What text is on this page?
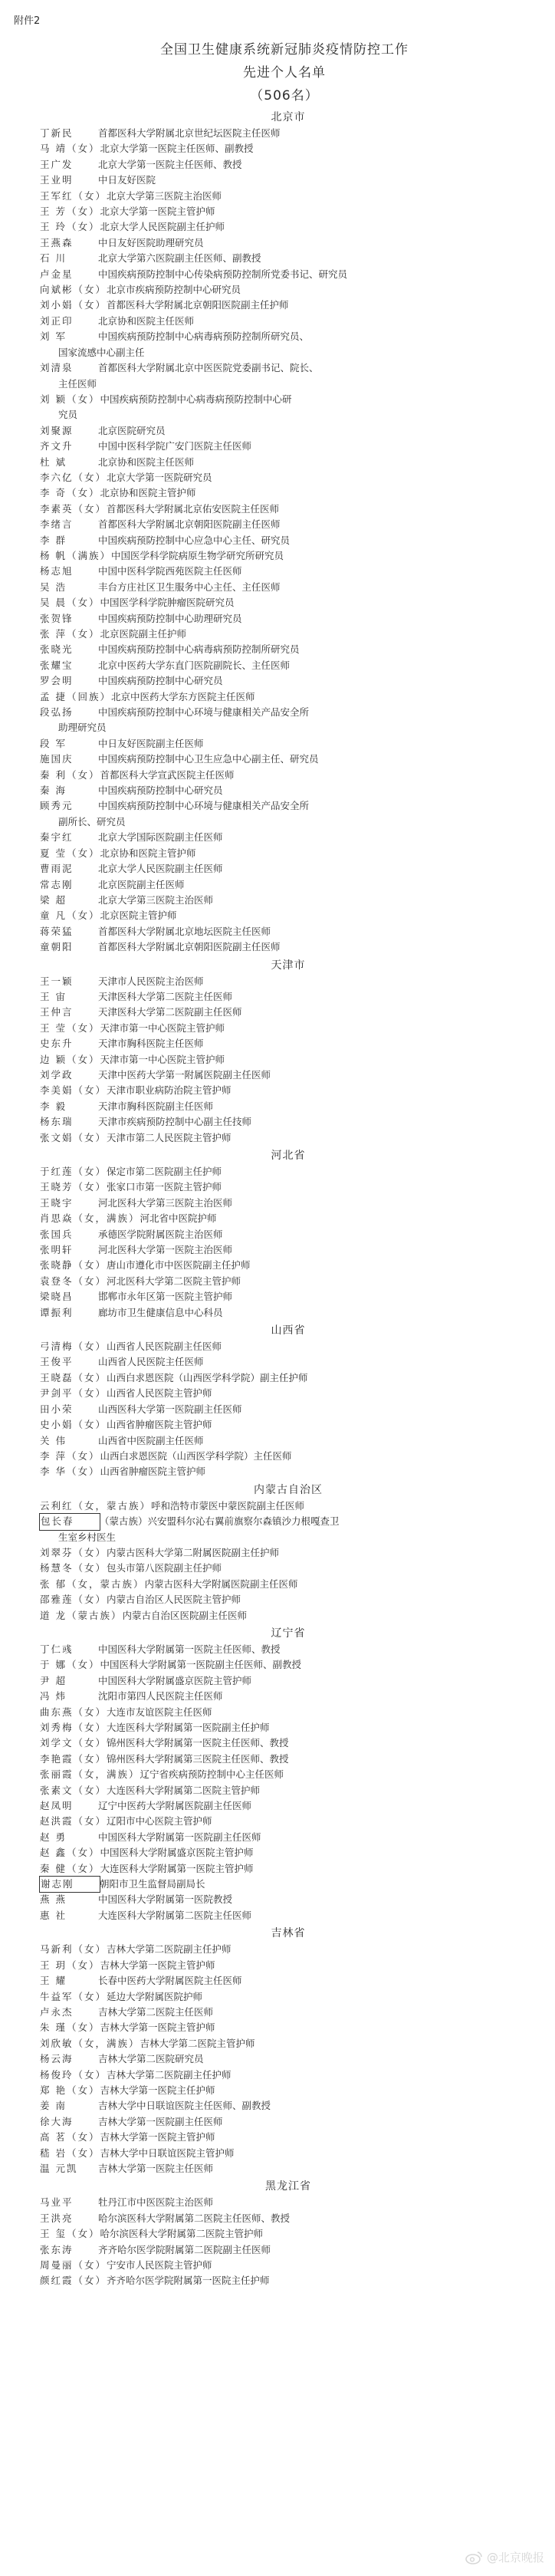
附件2
全国卫生健康系统新冠肺炎疫情防控工作
先进个人名单
（506名）
北京市
丁新民	首都医科大学附属北京世纪坛医院主任医师
马 靖（女） 北京大学第一医院主任医师、副教授
王广发	北京大学第一医院主任医师、教授
王业明	中日友好医院
王军红（女） 北京大学第三医院主治医师
王 芳（女） 北京大学第一医院主管护师
王 玲（女） 北京大学人民医院副主任护师
王燕森	中日友好医院助理研究员
石 川	北京大学第六医院副主任医师、副教授
卢金星	中国疾病预防控制中心传染病预防控制所党委书记、研究员
向斌彬（女） 北京市疾病预防控制中心研究员
刘小娟（女） 首都医科大学附属北京朝阳医院副主任护师
刘正印	北京协和医院主任医师
刘 军	中国疾病预防控制中心病毒病预防控制所研究员、
国家流感中心副主任
刘清泉	首都医科大学附属北京中医医院党委副书记、院长、
主任医师
刘 颖（女） 中国疾病预防控制中心病毒病预防控制中心研
究员
刘聚源	北京医院研究员
齐文升	中国中医科学院广安门医院主任医师
杜 斌	北京协和医院主任医师
李六亿（女） 北京大学第一医院研究员
李 奇（女） 北京协和医院主管护师
李素英（女） 首都医科大学附属北京佑安医院主任医师
李绪言	首都医科大学附属北京朝阳医院副主任医师
李 群	中国疾病预防控制中心应急中心主任、研究员
杨 帆（满族） 中国医学科学院病原生物学研究所研究员
杨志旭	中国中医科学院西苑医院主任医师
吴 浩	丰台方庄社区卫生服务中心主任、主任医师
吴 晨（女） 中国医学科学院肿瘤医院研究员
张贺锋	中国疾病预防控制中心助理研究员
张 萍（女） 北京医院副主任护师
张晓光	中国疾病预防控制中心病毒病预防控制所研究员
张耀宝	北京中医药大学东直门医院副院长、主任医师
罗会明	中国疾病预防控制中心研究员
孟 捷（回族） 北京中医药大学东方医院主任医师
段弘扬	中国疾病预防控制中心环境与健康相关产品安全所
助理研究员
段 军	中日友好医院副主任医师
施国庆	中国疾病预防控制中心卫生应急中心副主任、研究员
秦 利（女） 首都医科大学宣武医院主任医师
秦 海	中国疾病预防控制中心研究员
顾秀元	中国疾病预防控制中心环境与健康相关产品安全所
副所长、研究员
秦宇红	北京大学国际医院副主任医师
夏 莹（女） 北京协和医院主管护师
曹雨泥	北京大学人民医院副主任医师
常志刚	北京医院副主任医师
梁 超	北京大学第三医院主治医师
童 凡（女） 北京医院主管护师
蒋荣猛	首都医科大学附属北京地坛医院主任医师
童朝阳	首都医科大学附属北京朝阳医院副主任医师
天津市
王一颖	天津市人民医院主治医师
王 宙	天津医科大学第二医院主任医师
王仲言	天津医科大学第二医院副主任医师
王 莹（女） 天津市第一中心医院主管护师
史东升	天津市胸科医院主任医师
边 颖（女） 天津市第一中心医院主管护师
刘学政	天津中医药大学第一附属医院副主任医师
李美娟（女） 天津市职业病防治院主管护师
李 毅	天津市胸科医院副主任医师
杨东瑞	天津市疾病预防控制中心副主任技师
张文娟（女） 天津市第二人民医院主管护师
河北省
于红莲（女） 保定市第二医院副主任护师
王晓芳（女） 张家口市第一医院主管护师
王晓宇	河北医科大学第三医院主治医师
肖思焱（女，满族） 河北省中医院护师
张国兵	承德医学院附属医院主治医师
张明轩	河北医科大学第一医院主治医师
张晓静（女） 唐山市遵化市中医医院副主任护师
袁登冬（女） 河北医科大学第二医院主管护师
梁晓昌	邯郸市永年区第一医院主管护师
谭振利	廊坊市卫生健康信息中心科员
山西省
弓清梅（女） 山西省人民医院副主任医师
王俊平	山西省人民医院主任医师
王晓磊（女） 山西白求恩医院（山西医学科学院）副主任护师
尹剑平（女） 山西省人民医院主管护师
田小荣	山西医科大学第一医院副主任医师
史小娟（女） 山西省肿瘤医院主管护师
关 伟	山西省中医院副主任医师
李 萍（女） 山西白求恩医院（山西医学科学院）主任医师
李 华（女） 山西省肿瘤医院主管护师
内蒙古自治区
云利红（女，蒙古族） 呼和浩特市蒙医中蒙医院副主任医师
包长春	（蒙古族）兴安盟科尔沁右翼前旗察尔森镇沙力根嘎查卫
生室乡村医生
刘翠芬（女） 内蒙古医科大学第二附属医院副主任护师
杨慧冬（女） 包头市第八医院副主任护师
张 郁（女，蒙古族） 内蒙古医科大学附属医院副主任医师
邵雅莲（女） 内蒙古自治区人民医院主管护师
道 龙（蒙古族） 内蒙古自治区医院副主任医师
辽宁省
丁仁彧	中国医科大学附属第一医院主任医师、教授
于 娜（女） 中国医科大学附属第一医院副主任医师、副教授
尹 超	中国医科大学附属盛京医院主管护师
冯 炜	沈阳市第四人民医院主任医师
曲东燕（女） 大连市友谊医院主任医师
刘秀梅（女） 大连医科大学附属第一医院副主任护师
刘学文（女） 锦州医科大学附属第一医院主任医师、教授
李艳霞（女） 锦州医科大学附属第三医院主任医师、教授
张丽霞（女，满族） 辽宁省疾病预防控制中心主任医师
张素文（女） 大连医科大学附属第二医院主管护师
赵凤明	辽宁中医药大学附属医院副主任医师
赵洪霞（女） 辽阳市中心医院主管护师
赵 勇	中国医科大学附属第一医院副主任医师
赵 鑫（女） 中国医科大学附属盛京医院主管护师
秦 健（女） 大连医科大学附属第一医院主管护师
谢志刚	朝阳市卫生监督局副局长
燕 燕	中国医科大学附属第一医院教授
惠 社	大连医科大学附属第二医院主任医师
吉林省
马新利（女） 吉林大学第二医院副主任护师
王 玥（女） 吉林大学第一医院主管护师
王 耀	长春中医药大学附属医院主任医师
牛益军（女） 延边大学附属医院护师
卢永杰	吉林大学第二医院主任医师
朱 瑾（女） 吉林大学第一医院主管护师
刘欣敏（女，满族） 吉林大学第二医院主管护师
杨云海	吉林大学第二医院研究员
杨俊玲（女） 吉林大学第二医院副主任护师
郑 艳（女） 吉林大学第一医院主任护师
姜 南	吉林大学中日联谊医院主任医师、副教授
徐大海	吉林大学第一医院副主任医师
高 茗（女） 吉林大学第一医院主管护师
嵇 岩（女） 吉林大学中日联谊医院主管护师
温 元凯	吉林大学第一医院主任医师
黑龙江省
马业平	牡丹江市中医医院主治医师
王洪亮	哈尔滨医科大学附属第二医院主任医师、教授
王 玺（女） 哈尔滨医科大学附属第二医院主管护师
张东涛	齐齐哈尔医学院附属第二医院副主任医师
周曼丽（女） 宁安市人民医院主管护师
颜红霞（女） 齐齐哈尔医学院附属第一医院主任护师
@北京晚报
